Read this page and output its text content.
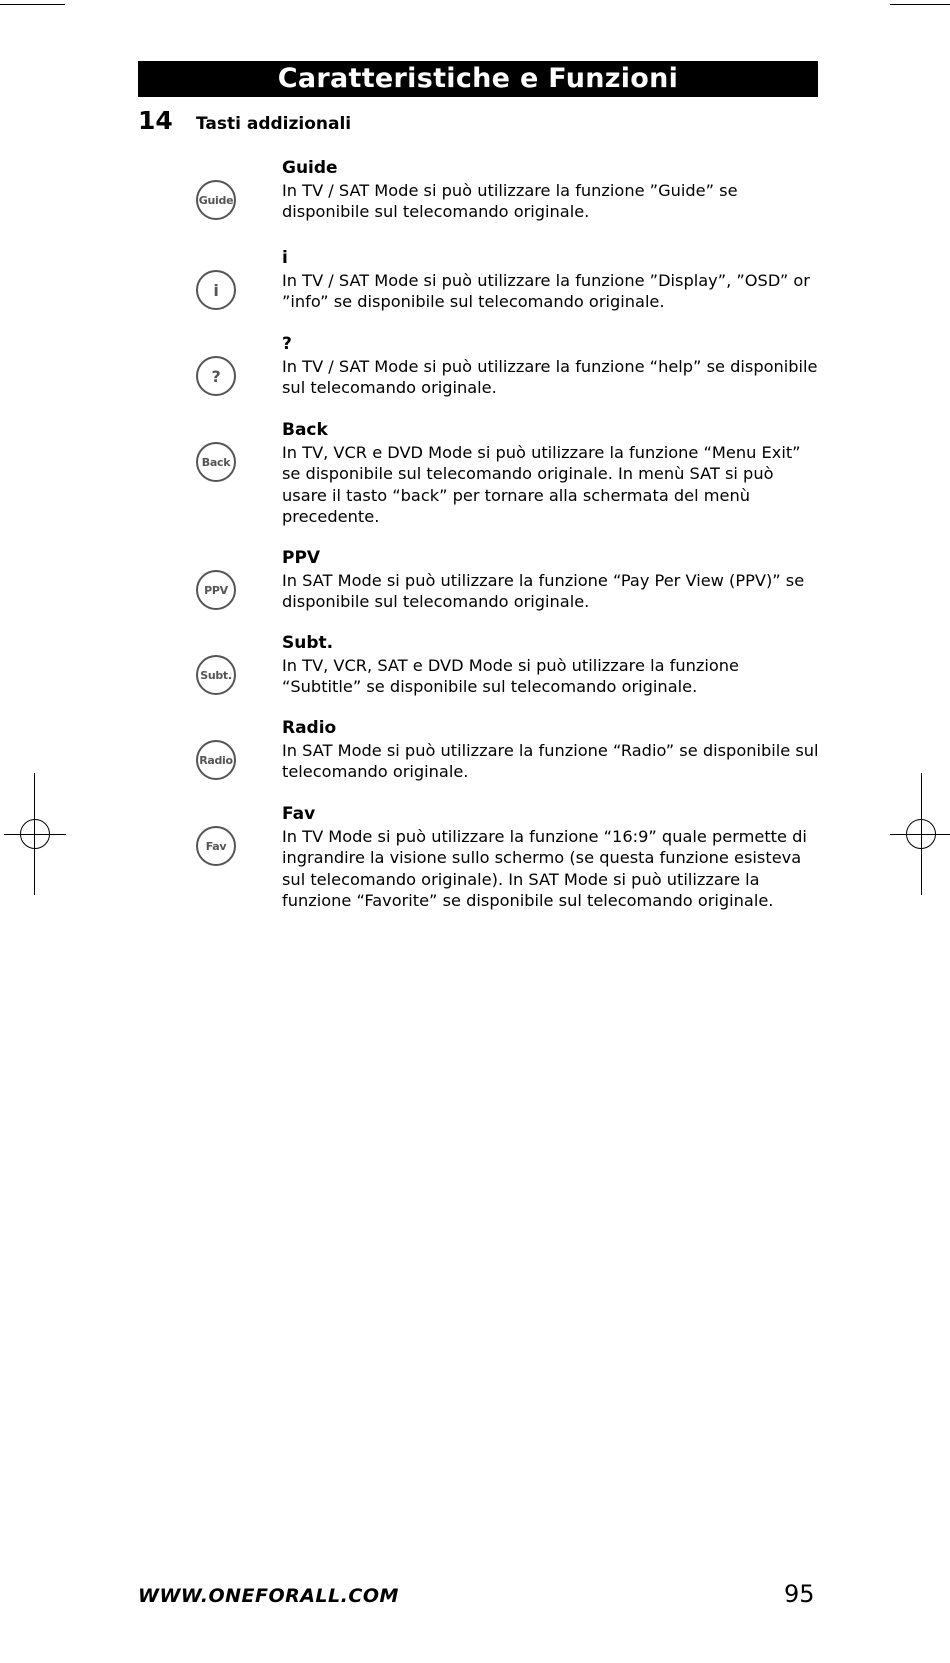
Caratteristiche e Funzioni
14 Tasti addizionali
Guide
Guide
In TV / SAT Mode si può utilizzare la funzione ”Guide” se disponibile sul telecomando originale.
i
i
In TV / SAT Mode si può utilizzare la funzione ”Display”, ”OSD” or ”info” se disponibile sul telecomando originale.
?
?
In TV / SAT Mode si può utilizzare la funzione “help” se disponibile sul telecomando originale.
Back
Back
In TV, VCR e DVD Mode si può utilizzare la funzione “Menu Exit” se disponibile sul telecomando originale. In menù SAT si può usare il tasto “back” per tornare alla schermata del menù precedente.
PPV
PPV
In SAT Mode si può utilizzare la funzione “Pay Per View (PPV)” se disponibile sul telecomando originale.
Subt.
Subt.
In TV, VCR, SAT e DVD Mode si può utilizzare la funzione “Subtitle” se disponibile sul telecomando originale.
Radio
Radio
In SAT Mode si può utilizzare la funzione “Radio” se disponibile sul telecomando originale.
Fav
Fav
In TV Mode si può utilizzare la funzione “16:9” quale permette di ingrandire la visione sullo schermo (se questa funzione esisteva sul telecomando originale). In SAT Mode si può utilizzare la funzione “Favorite” se disponibile sul telecomando originale.
WWW.ONEFORALL.COM	95
